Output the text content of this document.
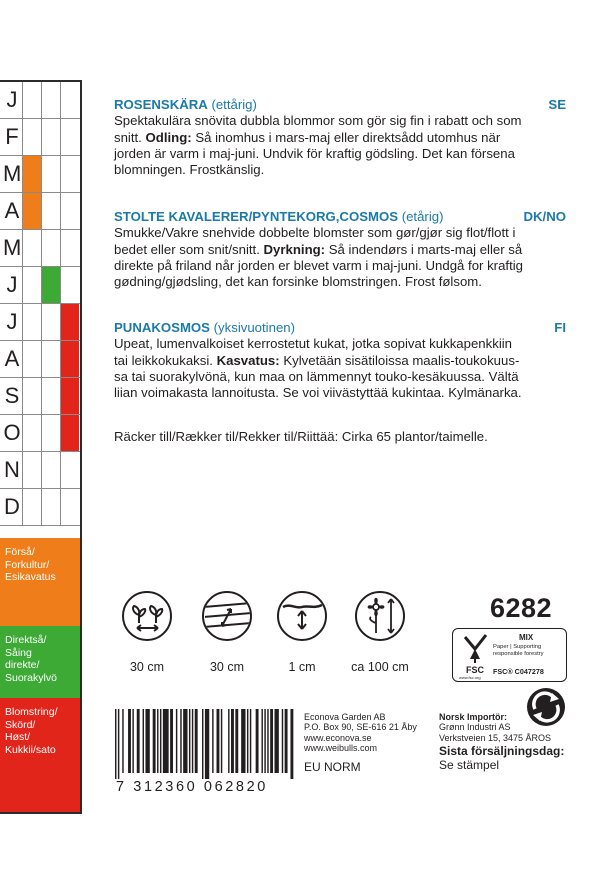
J
F
M
A
M
J
J
A
S
O
N
D
Förså/
Forkultur/
Esikavatus
Direktså/
Såing
direkte/
Suorakylvö
Blomstring/
Skörd/
Høst/
Kukkii/sato
ROSENSKÄRA (ettårig)	SE

Spektakulära snövita dubbla blommor som gör sig fin i rabatt och som

snitt. Odling: Så inomhus i mars-maj eller direktsådd utomhus när

jorden är varm i maj-juni. Undvik för kraftig gödsling. Det kan försena

blomningen. Frostkänslig.

STOLTE KAVALERER/PYNTEKORG,COSMOS (etårig)	DK/NO

Smukke/Vakre snehvide dobbelte blomster som gør/gjør sig flot/flott i

bedet eller som snit/snitt. Dyrkning: Så indendørs i marts-maj eller så

direkte på friland når jorden er blevet varm i maj-juni. Undgå for kraftig

gødning/gjødsling, det kan forsinke blomstringen. Frost følsom.

PUNAKOSMOS (yksivuotinen)	FI

Upeat, lumenvalkoiset kerrostetut kukat, jotka sopivat kukkapenkkiin

tai leikkokukaksi. Kasvatus: Kylvetään sisätiloissa maalis-toukokuus-

sa tai suorakylvönä, kun maa on lämmennyt touko-kesäkuussa. Vältä

liian voimakasta lannoitusta. Se voi viivästyttää kukintaa. Kylmänarka.

Räcker till/Rækker til/Rekker til/Riittää: Cirka 65 plantor/taimelle.
30 cm	30 cm	1 cm	ca 100 cm
6282
FSC
MIX
Paper | Supporting
responsible forestry
FSC® C047278
www.fsc.org
7 312360 062820
Econova Garden AB
P.O. Box 90, SE-616 21 Åby
www.econova.se
www.weibulls.com
EU NORM
Norsk Importör:
Grønn Industri AS
Verkstveien 15, 3475 ÅROS
Sista försäljningsdag:
Se stämpel
